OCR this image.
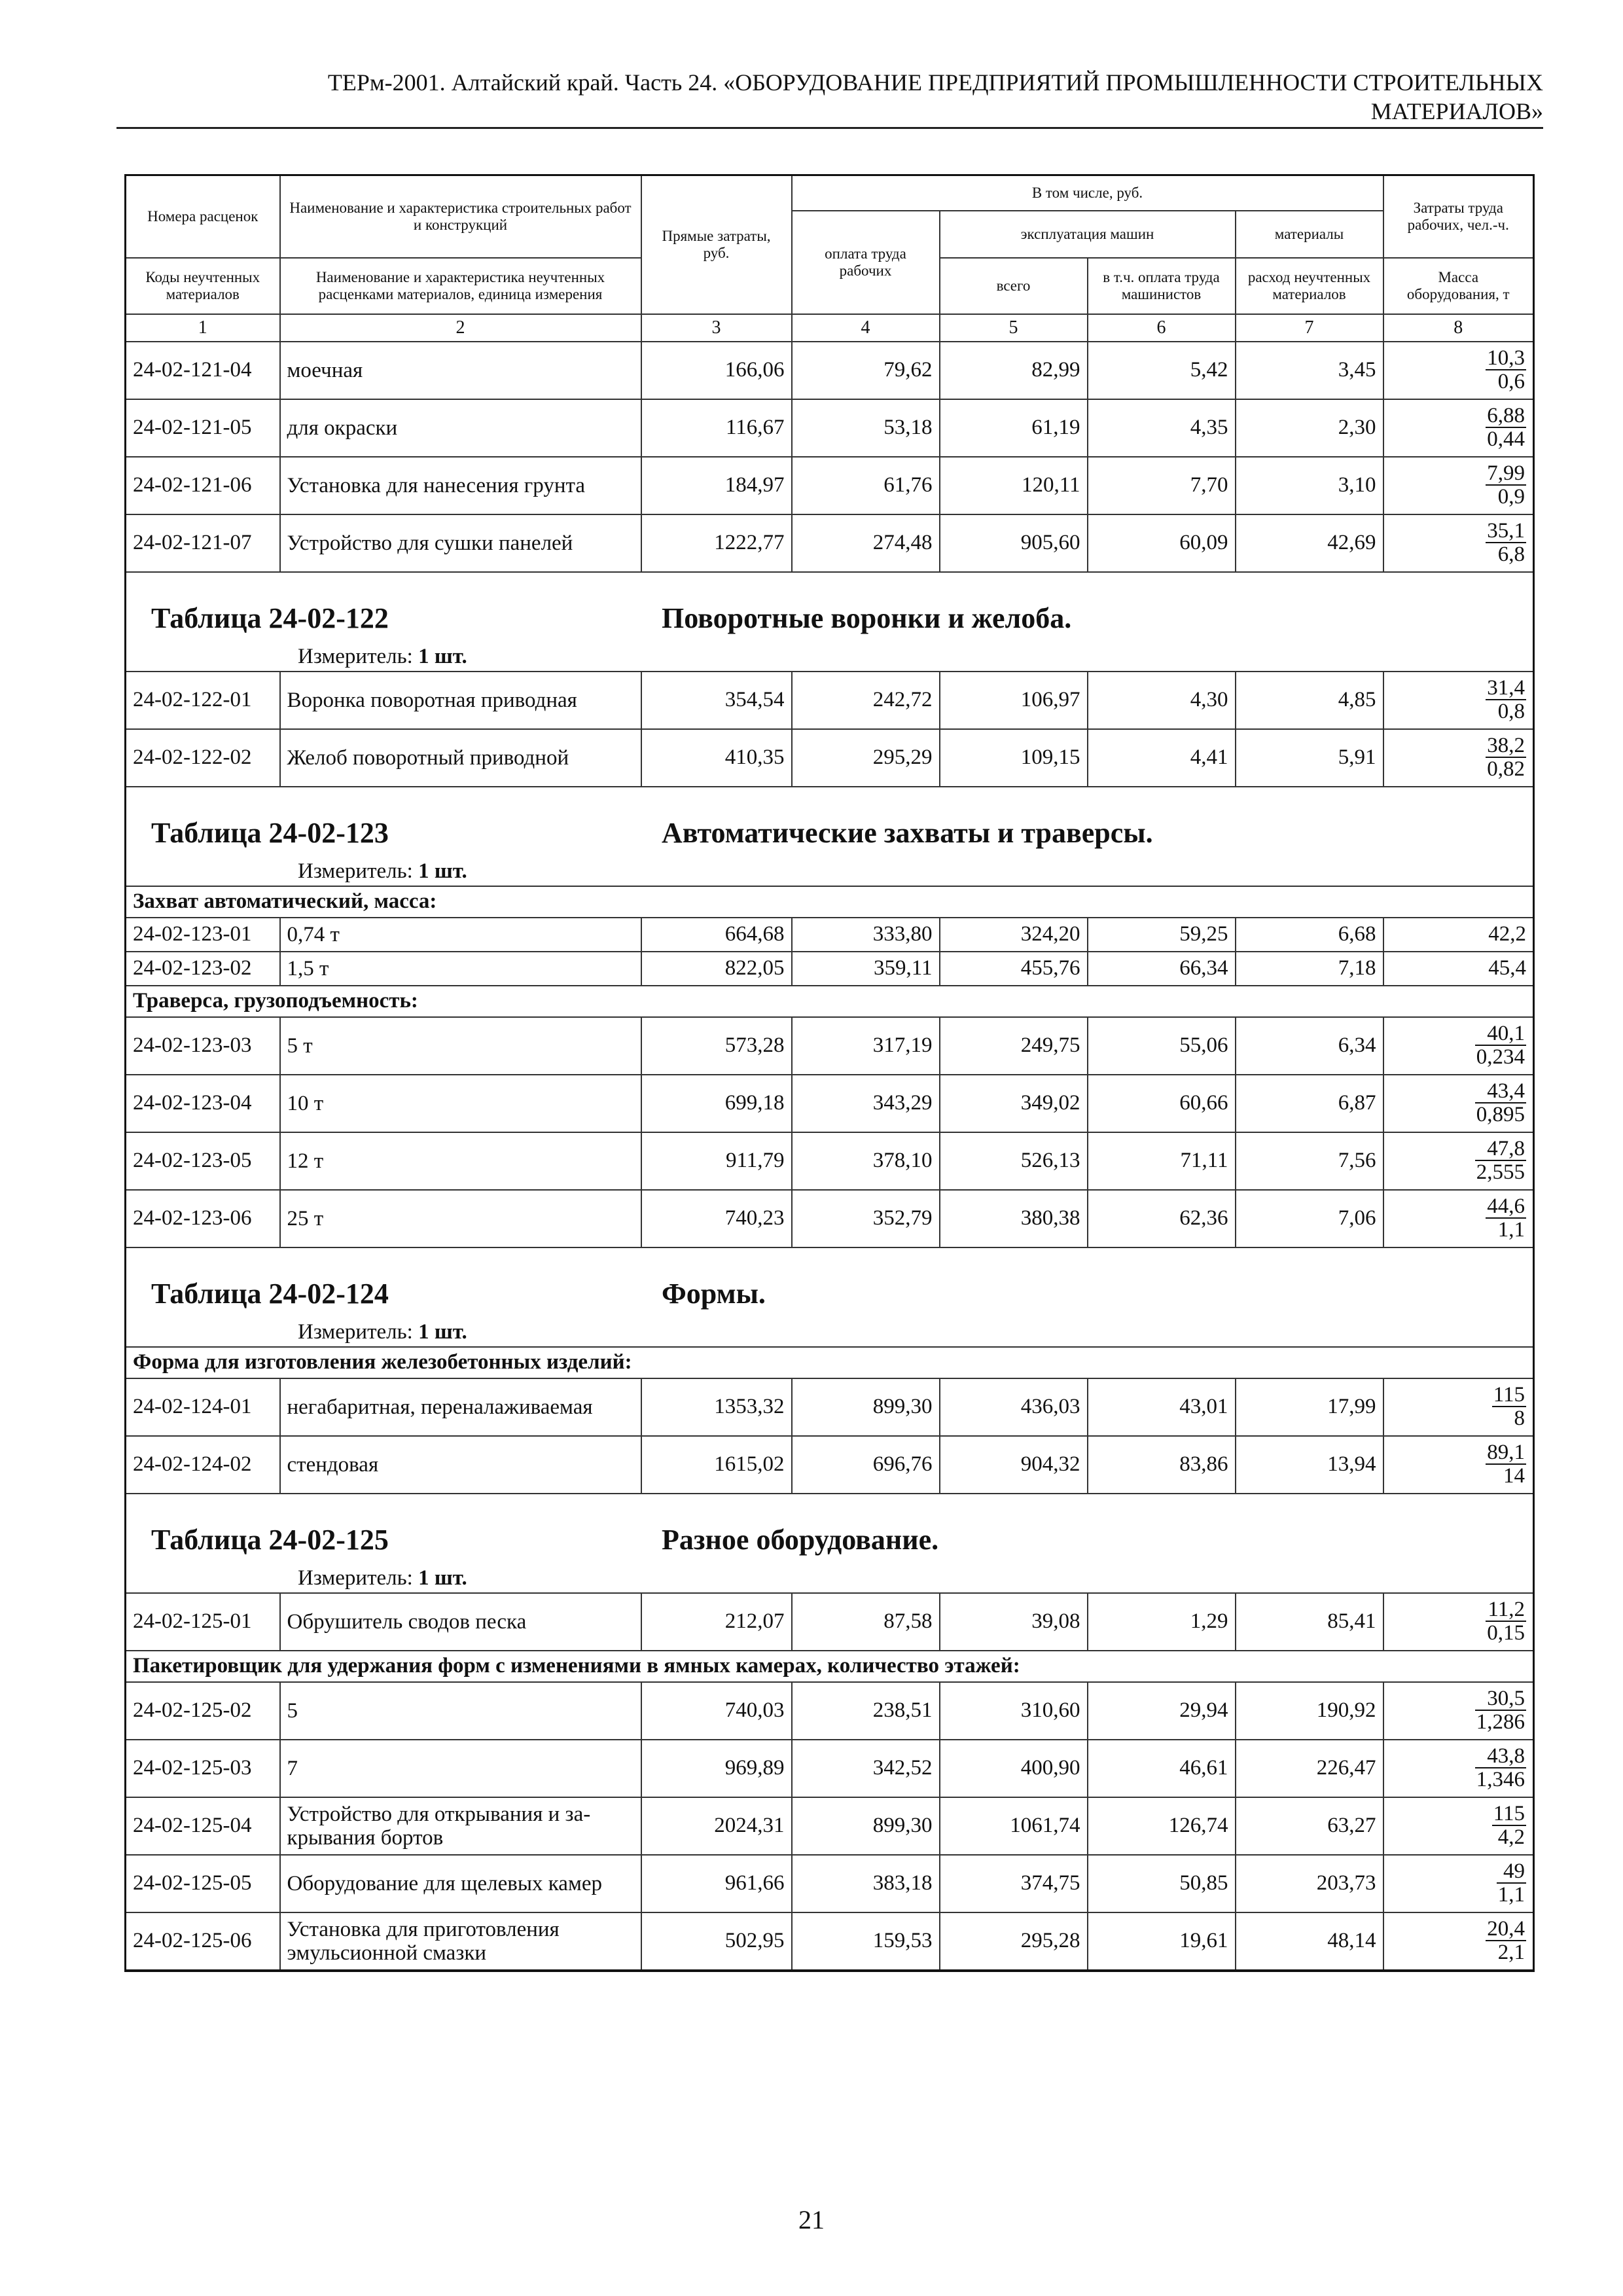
ТЕРм-2001. Алтайский край. Часть 24. «ОБОРУДОВАНИЕ ПРЕДПРИЯТИЙ ПРОМЫШЛЕННОСТИ СТРОИТЕЛЬНЫХ
МАТЕРИАЛОВ»
Номера расценок	Наименование и характеристика строительных работ и конструкций	Прямые затраты, руб.	В том числе, руб.				Затраты труда рабочих, чел.-ч.
			оплата труда рабочих	эксплуатация машин		материалы	
Коды неучтенных материалов	Наименование и характеристика неучтенных расценками материалов, единица измерения			всего	в т.ч. оплата труда машинистов	расход неучтенных материалов	Масса оборудования, т
1	2	3	4	5	6	7	8
24-02-121-04	моечная	166,06	79,62	82,99	5,42	3,45	$\frac{10,3}{0,6}$

24-02-121-05	для окраски	116,67	53,18	61,19	4,35	2,30	$\frac{6,88}{0,44}$

24-02-121-06	Установка для нанесения грунта	184,97	61,76	120,11	7,70	3,10	$\frac{7,99}{0,9}$

24-02-121-07	Устройство для сушки панелей	1222,77	274,48	905,60	60,09	42,69	$\frac{35,1}{6,8}$

Таблица 24-02-122 Поворотные воронки и желоба.
Измеритель: 1 шт.							

24-02-122-01	Воронка поворотная приводная	354,54	242,72	106,97	4,30	4,85	$\frac{31,4}{0,8}$

24-02-122-02	Желоб поворотный приводной	410,35	295,29	109,15	4,41	5,91	$\frac{38,2}{0,82}$

Таблица 24-02-123 Автоматические захваты и траверсы.
Измеритель: 1 шт.							

Захват автоматический, масса:							
24-02-123-01	0,74 т	664,68	333,80	324,20	59,25	6,68	42,2
24-02-123-02	1,5 т	822,05	359,11	455,76	66,34	7,18	45,4
Траверса, грузоподъемность:							
24-02-123-03	5 т	573,28	317,19	249,75	55,06	6,34	$\frac{40,1}{0,234}$

24-02-123-04	10 т	699,18	343,29	349,02	60,66	6,87	$\frac{43,4}{0,895}$

24-02-123-05	12 т	911,79	378,10	526,13	71,11	7,56	$\frac{47,8}{2,555}$

24-02-123-06	25 т	740,23	352,79	380,38	62,36	7,06	$\frac{44,6}{1,1}$

Таблица 24-02-124 Формы.
Измеритель: 1 шт.							

Форма для изготовления железобетонных изделий:							
24-02-124-01	негабаритная, переналаживаемая	1353,32	899,30	436,03	43,01	17,99	$\frac{115}{8}$

24-02-124-02	стендовая	1615,02	696,76	904,32	83,86	13,94	$\frac{89,1}{14}$

Таблица 24-02-125 Разное оборудование.
Измеритель: 1 шт.							

24-02-125-01	Обрушитель сводов песка	212,07	87,58	39,08	1,29	85,41	$\frac{11,2}{0,15}$

Пакетировщик для удержания форм с изменениями в ямных камерах, количество этажей:							
24-02-125-02	5	740,03	238,51	310,60	29,94	190,92	$\frac{30,5}{1,286}$

24-02-125-03	7	969,89	342,52	400,90	46,61	226,47	$\frac{43,8}{1,346}$

24-02-125-04	Устройство для открывания и закрывания бортов	2024,31	899,30	1061,74	126,74	63,27	$\frac{115}{4,2}$

24-02-125-05	Оборудование для щелевых камер	961,66	383,18	374,75	50,85	203,73	$\frac{49}{1,1}$

24-02-125-06	Установка для приготовления эмульсионной смазки	502,95	159,53	295,28	19,61	48,14	$\frac{20,4}{2,1}$
21
